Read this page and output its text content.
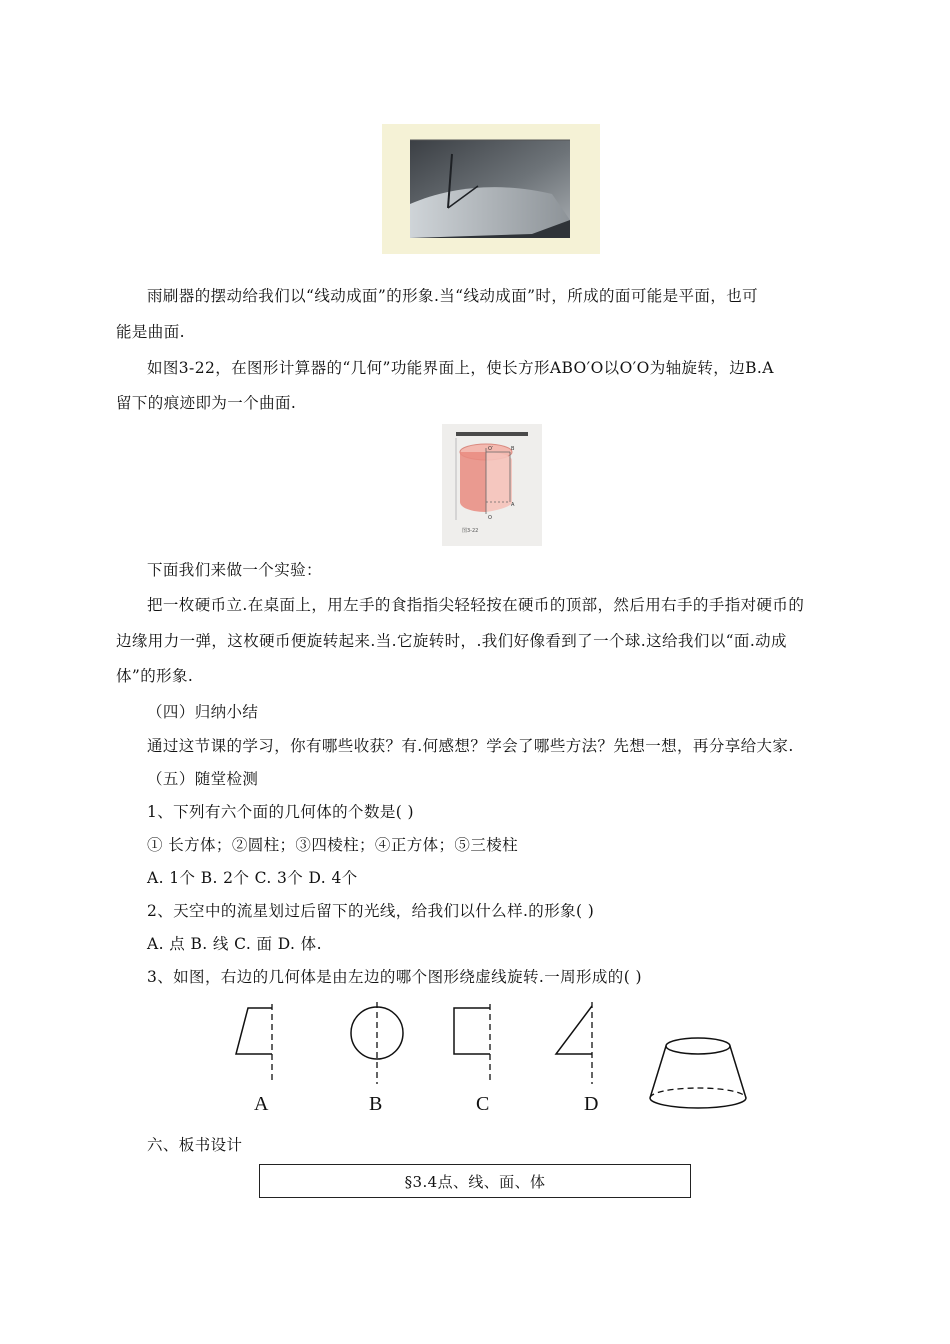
雨刷器的摆动给我们以“线动成面”的形象.当“线动成面”时，所成的面可能是平面，也可
能是曲面.
如图3-22，在图形计算器的“几何”功能界面上，使长方形ABO′O以O′O为轴旋转，边B.A
留下的痕迹即为一个曲面.
O′	B
A
O
图3-22
下面我们来做一个实验：
把一枚硬币立.在桌面上，用左手的食指指尖轻轻按在硬币的顶部，然后用右手的手指对硬币的
边缘用力一弹，这枚硬币便旋转起来.当.它旋转时，.我们好像看到了一个球.这给我们以“面.动成
体”的形象.
（四）归纳小结
通过这节课的学习，你有哪些收获？有.何感想？学会了哪些方法？先想一想，再分享给大家.
（五）随堂检测
1、下列有六个面的几何体的个数是( )
① 长方体；②圆柱；③四棱柱；④正方体；⑤三棱柱
A. 1个 B. 2个 C. 3个 D. 4个
2、天空中的流星划过后留下的光线，给我们以什么样.的形象( )
A. 点 B. 线 C. 面 D. 体.
3、如图，右边的几何体是由左边的哪个图形绕虚线旋转.一周形成的( )
A	B	C	D
六、板书设计
§3.4点、线、面、体
